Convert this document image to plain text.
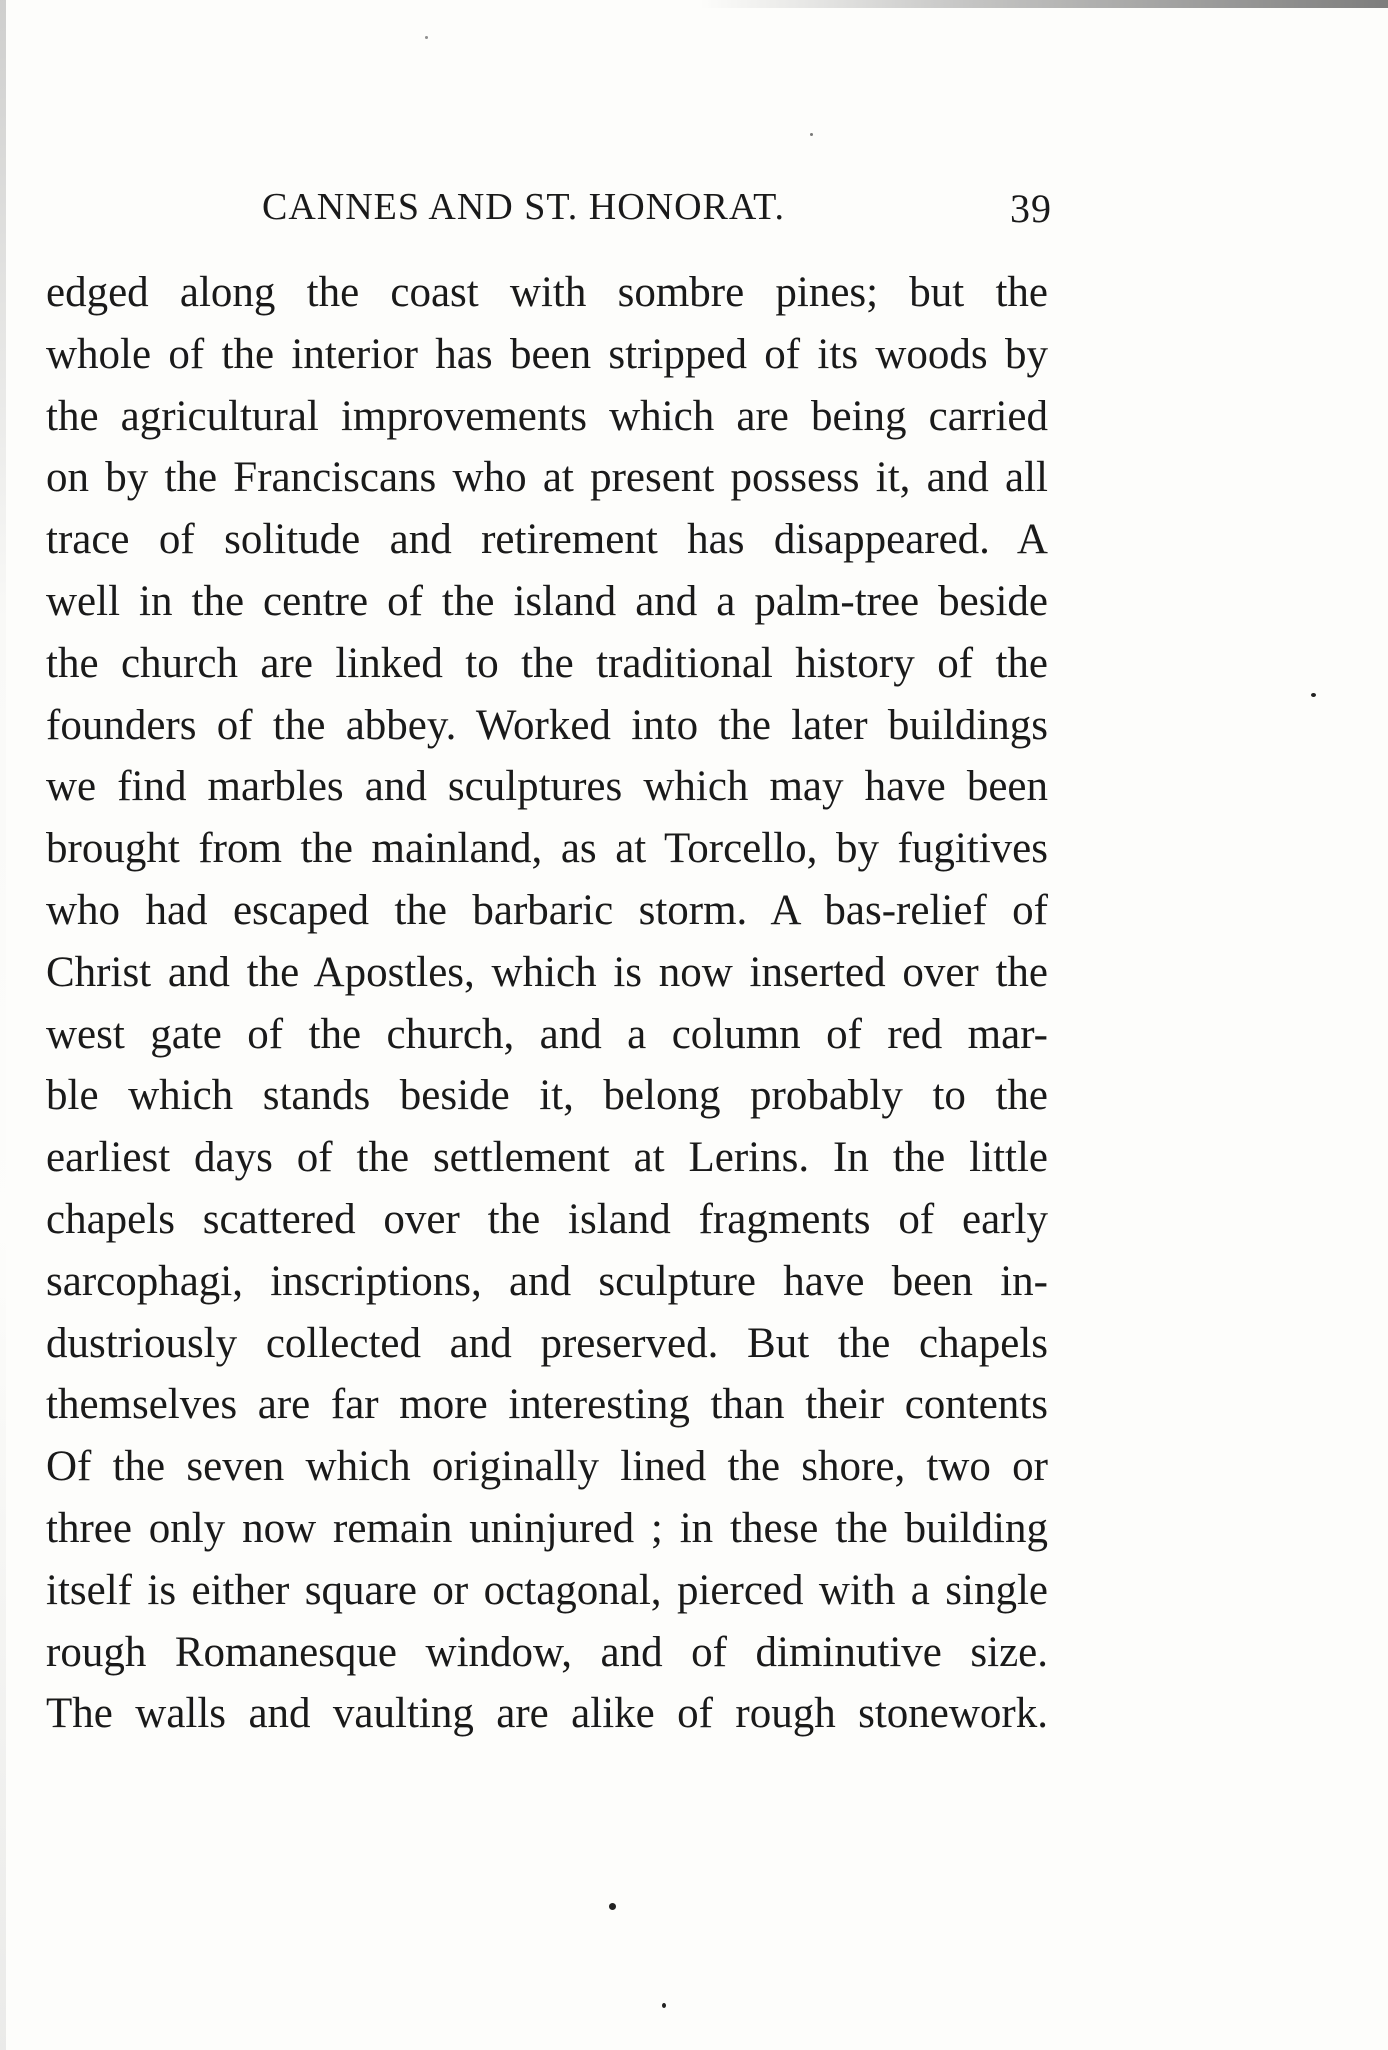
CANNES AND ST. HONORAT.	39
edged along the coast with sombre pines; but the
whole of the interior has been stripped of its woods by
the agricultural improvements which are being carried
on by the Franciscans who at present possess it, and all
trace of solitude and retirement has disappeared. A
well in the centre of the island and a palm-tree beside
the church are linked to the traditional history of the
founders of the abbey. Worked into the later buildings
we find marbles and sculptures which may have been
brought from the mainland, as at Torcello, by fugitives
who had escaped the barbaric storm. A bas-relief of
Christ and the Apostles, which is now inserted over the
west gate of the church, and a column of red mar-
ble which stands beside it, belong probably to the
earliest days of the settlement at Lerins. In the little
chapels scattered over the island fragments of early
sarcophagi, inscriptions, and sculpture have been in-
dustriously collected and preserved. But the chapels
themselves are far more interesting than their contents
Of the seven which originally lined the shore, two or
three only now remain uninjured ; in these the building
itself is either square or octagonal, pierced with a single
rough Romanesque window, and of diminutive size.
The walls and vaulting are alike of rough stonework.
